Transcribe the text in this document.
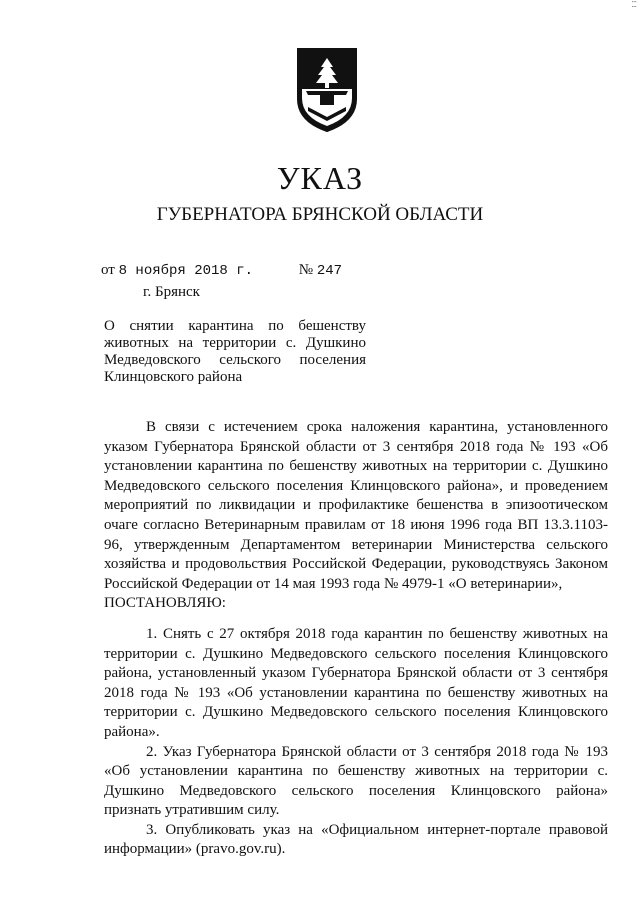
⁚⁚⁚
УКАЗ
ГУБЕРНАТОРА БРЯНСКОЙ ОБЛАСТИ
от 8 ноября 2018 г.	№ 247
г. Брянск
О снятии карантина по бешенству животных на территории с. Душкино Медведовского сельского поселения Клинцовского района

В связи с истечением срока наложения карантина, установленного указом Губернатора Брянской области от 3 сентября 2018 года № 193 «Об установлении карантина по бешенству животных на территории с. Душкино Медведовского сельского поселения Клинцовского района», и проведением мероприятий по ликвидации и профилактике бешенства в эпизоотическом очаге согласно Ветеринарным правилам от 18 июня 1996 года ВП 13.3.1103-96, утвержденным Департаментом ветеринарии Министерства сельского хозяйства и продовольствия Российской Федерации, руководствуясь Законом Российской Федерации от 14 мая 1993 года № 4979-1 «О ветеринарии»,

ПОСТАНОВЛЯЮ:

1. Снять с 27 октября 2018 года карантин по бешенству животных на территории с. Душкино Медведовского сельского поселения Клинцовского района, установленный указом Губернатора Брянской области от 3 сентября 2018 года № 193 «Об установлении карантина по бешенству животных на территории с. Душкино Медведовского сельского поселения Клинцовского района».

2. Указ Губернатора Брянской области от 3 сентября 2018 года № 193 «Об установлении карантина по бешенству животных на территории с. Душкино Медведовского сельского поселения Клинцовского района» признать утратившим силу.

3. Опубликовать указ на «Официальном интернет-портале правовой информации» (pravo.gov.ru).
